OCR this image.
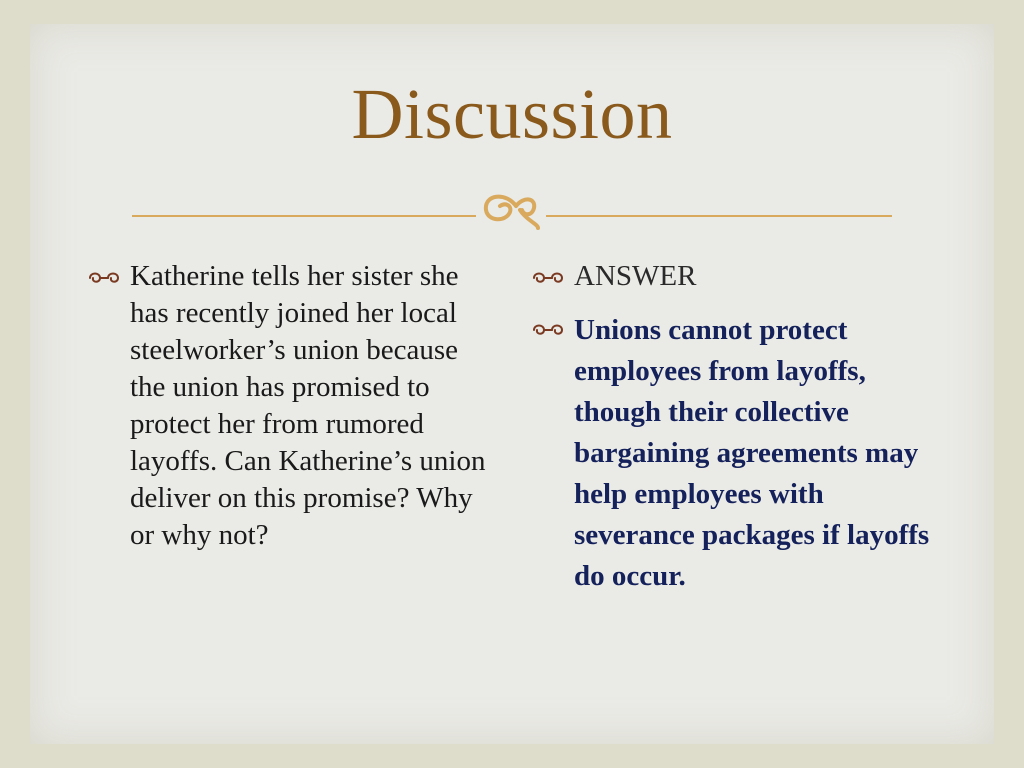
Discussion
Katherine tells her sister she has recently joined her local steelworker’s union because the union has promised to protect her from rumored layoffs. Can Katherine’s union deliver on this promise? Why or why not?
ANSWER
Unions cannot protect employees from layoffs, though their collective bargaining agreements may help employees with severance packages if layoffs do occur.
